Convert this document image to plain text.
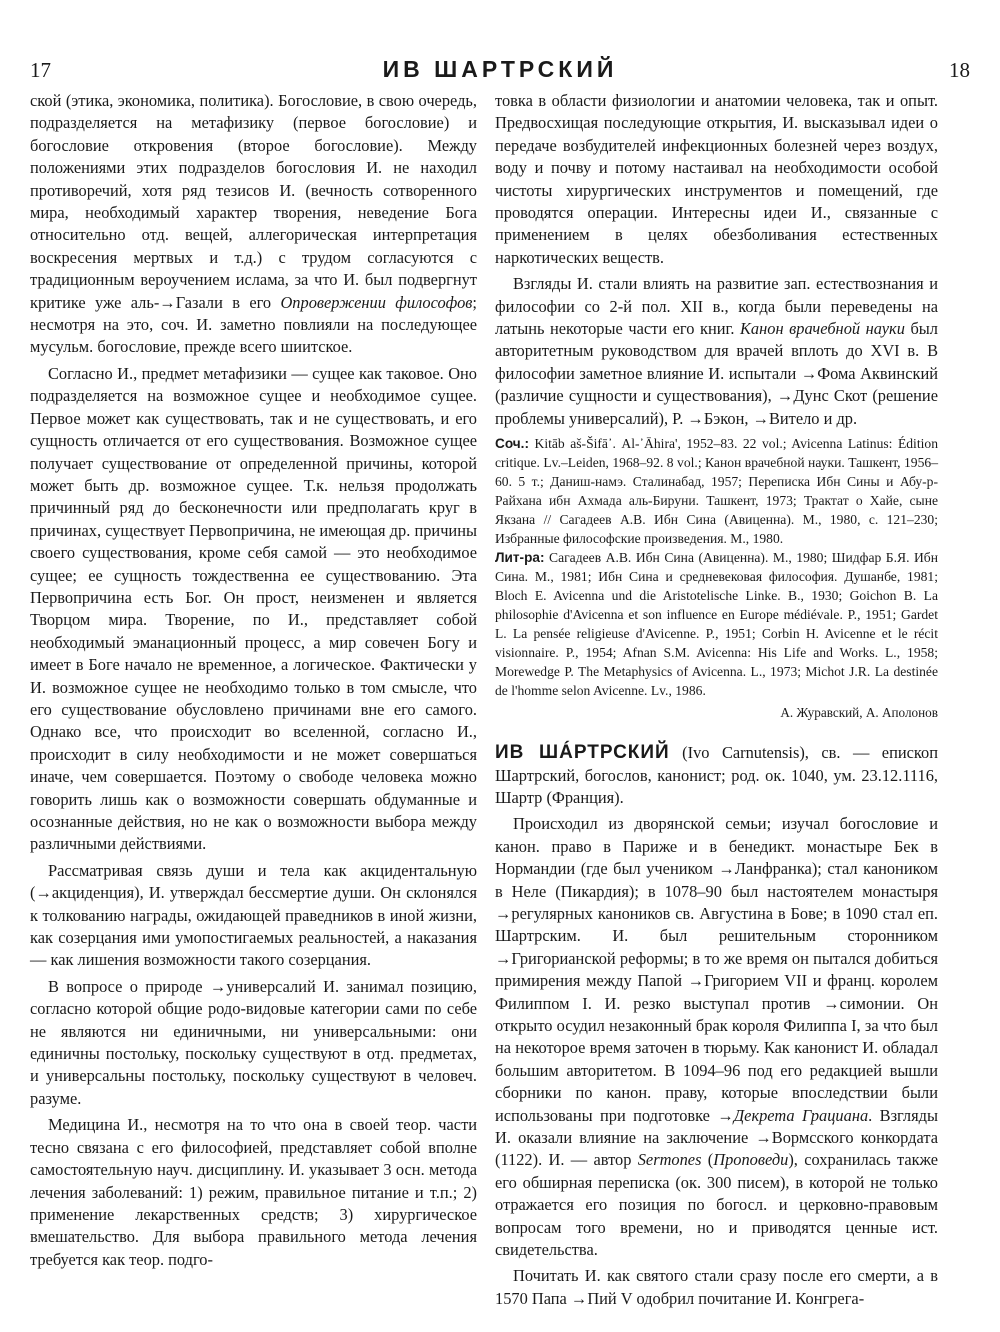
17	ИВ ШАРТРСКИЙ	18

ской (этика, экономика, политика). Богословие, в свою очередь, подразделяется на метафизику (первое богословие) и богословие откровения (второе богословие). Между положениями этих подразделов богословия И. не находил противоречий, хотя ряд тезисов И. (вечность сотворенного мира, необходимый характер творения, неведение Бога относительно отд. вещей, аллегорическая интерпретация воскресения мертвых и т.д.) с трудом согласуются с традиционным вероучением ислама, за что И. был подвергнут критике уже аль-→Газали в его Опровержении философов; несмотря на это, соч. И. заметно повлияли на последующее мусульм. богословие, прежде всего шиитское.

Согласно И., предмет метафизики — сущее как таковое. Оно подразделяется на возможное сущее и необходимое сущее. Первое может как существовать, так и не существовать, и его сущность отличается от его существования. Возможное сущее получает существование от определенной причины, которой может быть др. возможное сущее. Т.к. нельзя продолжать причинный ряд до бесконечности или предполагать круг в причинах, существует Первопричина, не имеющая др. причины своего существования, кроме себя самой — это необходимое сущее; ее сущность тождественна ее существованию. Эта Первопричина есть Бог. Он прост, неизменен и является Творцом мира. Творение, по И., представляет собой необходимый эманационный процесс, а мир совечен Богу и имеет в Боге начало не временное, а логическое. Фактически у И. возможное сущее не необходимо только в том смысле, что его существование обусловлено причинами вне его самого. Однако все, что происходит во вселенной, согласно И., происходит в силу необходимости и не может совершаться иначе, чем совершается. Поэтому о свободе человека можно говорить лишь как о возможности совершать обдуманные и осознанные действия, но не как о возможности выбора между различными действиями.

Рассматривая связь души и тела как акцидентальную (→акциденция), И. утверждал бессмертие души. Он склонялся к толкованию награды, ожидающей праведников в иной жизни, как созерцания ими умопостигаемых реальностей, а наказания — как лишения возможности такого созерцания.

В вопросе о природе →универсалий И. занимал позицию, согласно которой общие родо-видовые категории сами по себе не являются ни единичными, ни универсальными: они единичны постольку, поскольку существуют в отд. предметах, и универсальны постольку, поскольку существуют в человеч. разуме.

Медицина И., несмотря на то что она в своей теор. части тесно связана с его философией, представляет собой вполне самостоятельную науч. дисциплину. И. указывает 3 осн. метода лечения заболеваний: 1) режим, правильное питание и т.п.; 2) применение лекарственных средств; 3) хирургическое вмешательство. Для выбора правильного метода лечения требуется как теор. подго-

товка в области физиологии и анатомии человека, так и опыт. Предвосхищая последующие открытия, И. высказывал идеи о передаче возбудителей инфекционных болезней через воздух, воду и почву и потому настаивал на необходимости особой чистоты хирургических инструментов и помещений, где проводятся операции. Интересны идеи И., связанные с применением в целях обезболивания естественных наркотических веществ.

Взгляды И. стали влиять на развитие зап. естествознания и философии со 2-й пол. XII в., когда были переведены на латынь некоторые части его книг. Канон врачебной науки был авторитетным руководством для врачей вплоть до XVI в. В философии заметное влияние И. испытали →Фома Аквинский (различие сущности и существования), →Дунс Скот (решение проблемы универсалий), Р. →Бэкон, →Вителo и др.

Соч.: Kitāb aš-Šifā᾽. Al-᾽Āhira', 1952–83. 22 vol.; Avicenna Latinus: Édition critique. Lv.–Leiden, 1968–92. 8 vol.; Канон врачебной науки. Ташкент, 1956–60. 5 т.; Даниш-намэ. Сталинабад, 1957; Переписка Ибн Сины и Абу-р-Райхана ибн Ахмада аль-Бируни. Ташкент, 1973; Трактат о Хайе, сыне Якзана // Сагадеев А.В. Ибн Сина (Авиценна). М., 1980, с. 121–230; Избранные философские произведения. М., 1980.

Лит-ра: Сагадеев А.В. Ибн Сина (Авиценна). М., 1980; Шидфар Б.Я. Ибн Сина. М., 1981; Ибн Сина и средневековая философия. Душанбе, 1981; Bloch E. Avicenna und die Aristotelische Linke. B., 1930; Goichon B. La philosophie d'Avicenna et son influence en Europe médiévale. P., 1951; Gardet L. La pensée religieuse d'Avicenne. P., 1951; Corbin H. Avicenne et le récit visionnaire. P., 1954; Afnan S.M. Avicenna: His Life and Works. L., 1958; Morewedge P. The Metaphysics of Avicenna. L., 1973; Michot J.R. La destinée de l'homme selon Avicenne. Lv., 1986.

А. Журавский, А. Аполонов

ИВ ШÁРТРСКИЙ (Ivo Carnutensis), св. — епископ Шартрский, богослов, канонист; род. ок. 1040, ум. 23.12.1116, Шартр (Франция).

Происходил из дворянской семьи; изучал богословие и канон. право в Париже и в бенедикт. монастыре Бек в Нормандии (где был учеником →Ланфранка); стал каноником в Неле (Пикардия); в 1078–90 был настоятелем монастыря →регулярных каноников св. Августина в Бове; в 1090 стал еп. Шартрским. И. был решительным сторонником →Григорианской реформы; в то же время он пытался добиться примирения между Папой →Григорием VII и франц. королем Филиппом I. И. резко выступал против →симонии. Он открыто осудил незаконный брак короля Филиппа I, за что был на некоторое время заточен в тюрьму. Как канонист И. обладал большим авторитетом. В 1094–96 под его редакцией вышли сборники по канон. праву, которые впоследствии были использованы при подготовке →Декрета Грациана. Взгляды И. оказали влияние на заключение →Вормсского конкордата (1122). И. — автор Sermones (Проповеди), сохранилась также его обширная переписка (ок. 300 писем), в которой не только отражается его позиция по богосл. и церковно-правовым вопросам того времени, но и приводятся ценные ист. свидетельства.

Почитать И. как святого стали сразу после его смерти, а в 1570 Папа →Пий V одобрил почитание И. Конгрега-
